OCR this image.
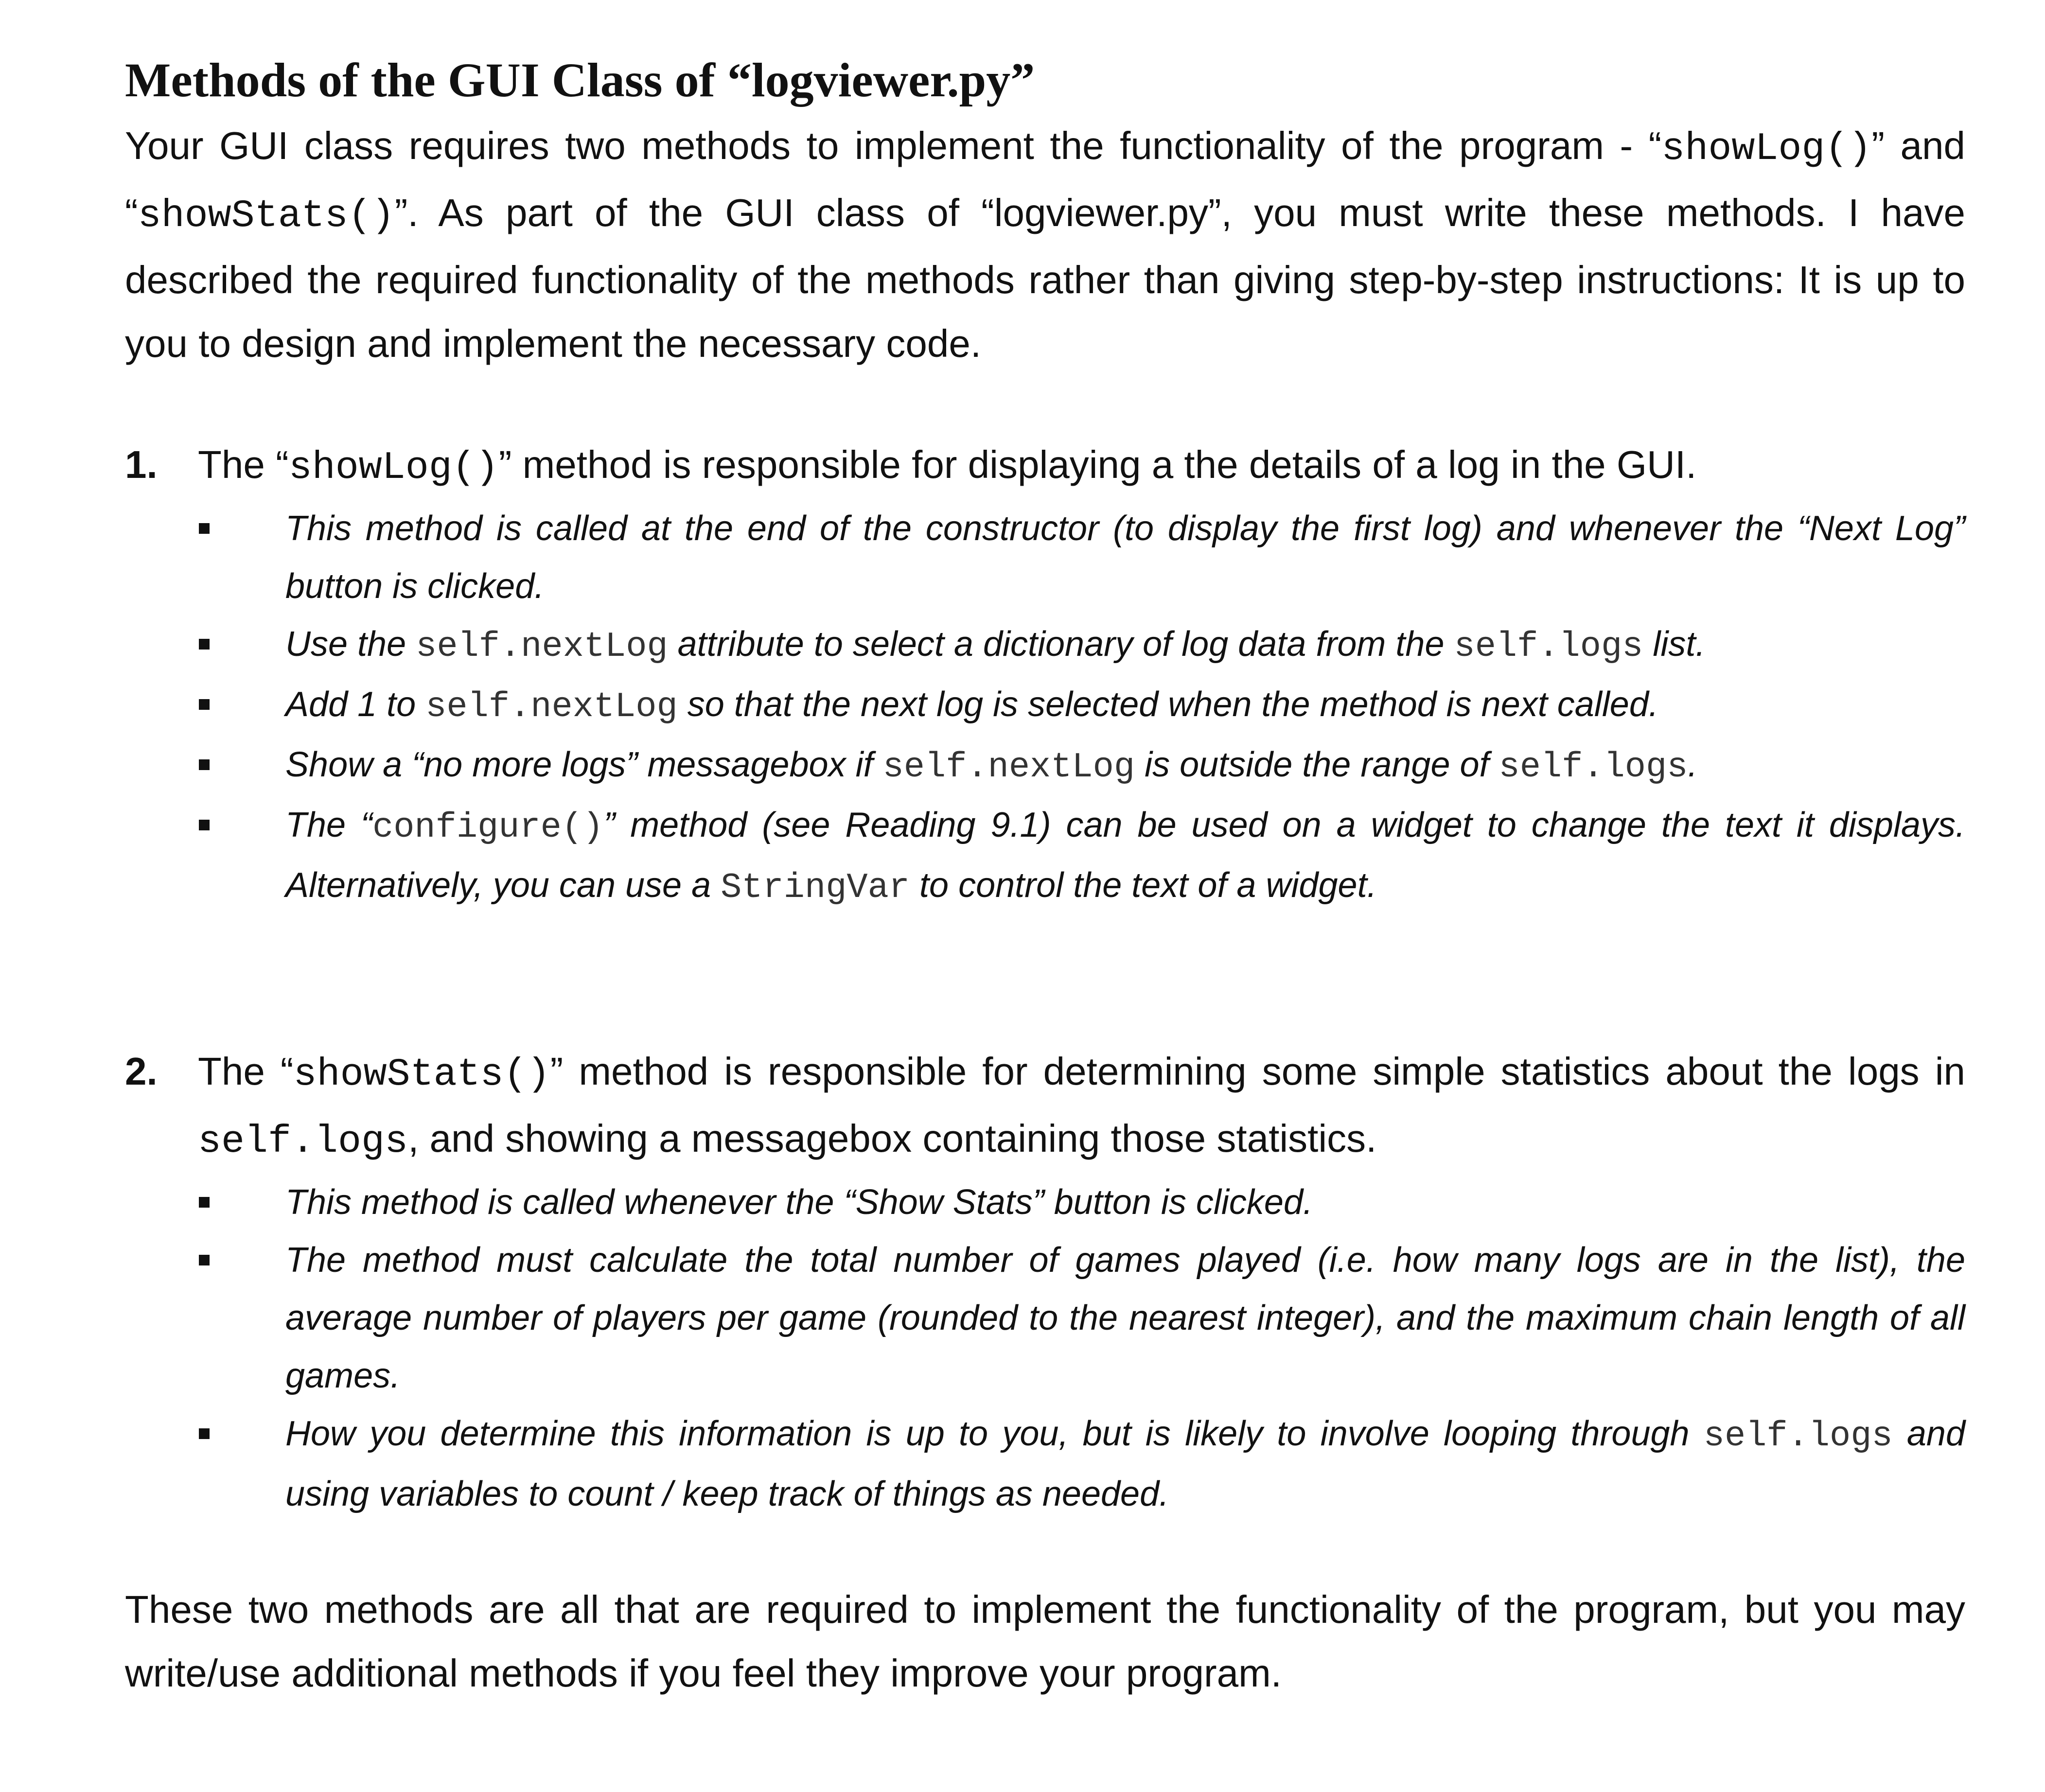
Methods of the GUI Class of “logviewer.py”

Your GUI class requires two methods to implement the functionality of the program - “showLog()” and “showStats()”. As part of the GUI class of “logviewer.py”, you must write these methods. I have described the required functionality of the methods rather than giving step-by-step instructions: It is up to you to design and implement the necessary code.

1. The “showLog()” method is responsible for displaying a the details of a log in the GUI.
This method is called at the end of the constructor (to display the first log) and whenever the “Next Log” button is clicked.
Use the self.nextLog attribute to select a dictionary of log data from the self.logs list.
Add 1 to self.nextLog so that the next log is selected when the method is next called.
Show a “no more logs” messagebox if self.nextLog is outside the range of self.logs.
The “configure()” method (see Reading 9.1) can be used on a widget to change the text it displays. Alternatively, you can use a StringVar to control the text of a widget.
2. The “showStats()” method is responsible for determining some simple statistics about the logs in self.logs, and showing a messagebox containing those statistics.
This method is called whenever the “Show Stats” button is clicked.
The method must calculate the total number of games played (i.e. how many logs are in the list), the average number of players per game (rounded to the nearest integer), and the maximum chain length of all games.
How you determine this information is up to you, but is likely to involve looping through self.logs and using variables to count / keep track of things as needed.

These two methods are all that are required to implement the functionality of the program, but you may write/use additional methods if you feel they improve your program.
